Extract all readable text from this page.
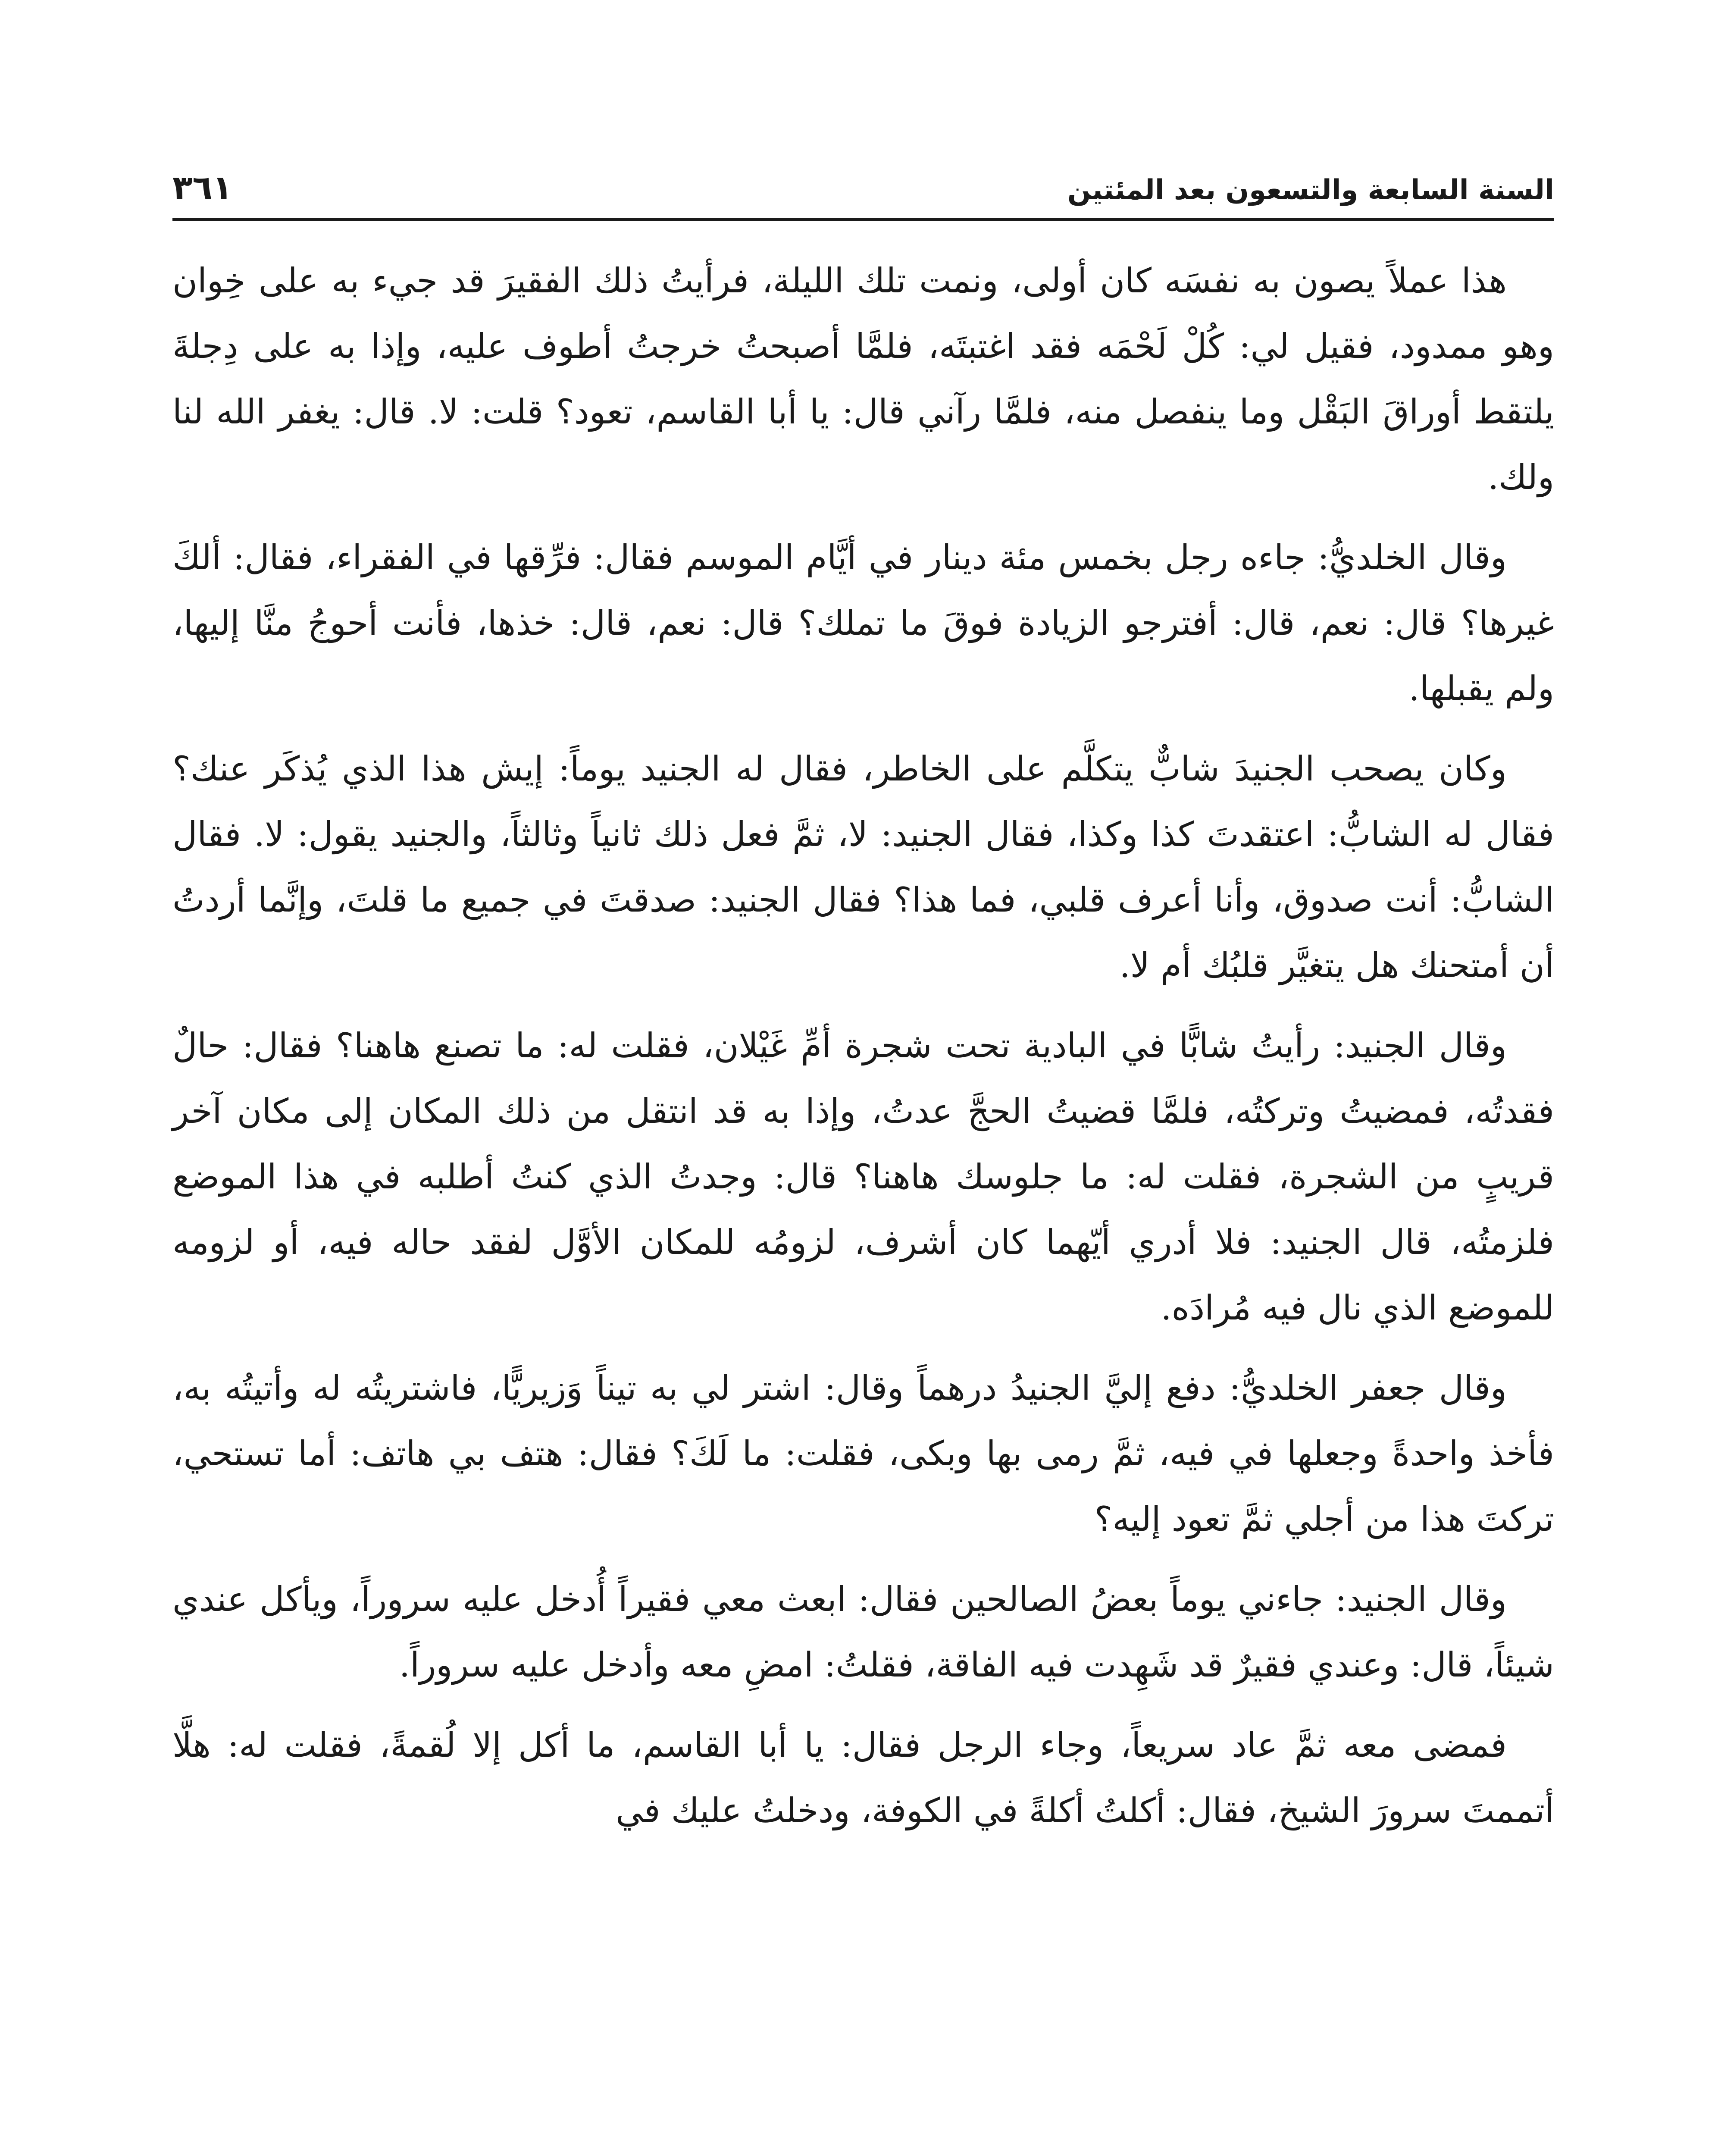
السنة السابعة والتسعون بعد المئتين
٣٦١

هذا عملاً يصون به نفسَه كان أولى، ونمت تلك الليلة، فرأيتُ ذلك الفقيرَ قد جيء به على خِوان وهو ممدود، فقيل لي: كُلْ لَحْمَه فقد اغتبتَه، فلمَّا أصبحتُ خرجتُ أطوف عليه، وإذا به على دِجلةَ يلتقط أوراقَ البَقْل وما ينفصل منه، فلمَّا رآني قال: يا أبا القاسم، تعود؟ قلت: لا. قال: يغفر الله لنا ولك.

وقال الخلديُّ: جاءه رجل بخمس مئة دينار في أيَّام الموسم فقال: فرِّقها في الفقراء، فقال: ألكَ غيرها؟ قال: نعم، قال: أفترجو الزيادة فوقَ ما تملك؟ قال: نعم، قال: خذها، فأنت أحوجُ منَّا إليها، ولم يقبلها.

وكان يصحب الجنيدَ شابٌّ يتكلَّم على الخاطر، فقال له الجنيد يوماً: إيش هذا الذي يُذكَر عنك؟ فقال له الشابُّ: اعتقدتَ كذا وكذا، فقال الجنيد: لا، ثمَّ فعل ذلك ثانياً وثالثاً، والجنيد يقول: لا. فقال الشابُّ: أنت صدوق، وأنا أعرف قلبي، فما هذا؟ فقال الجنيد: صدقتَ في جميع ما قلتَ، وإنَّما أردتُ أن أمتحنك هل يتغيَّر قلبُك أم لا.

وقال الجنيد: رأيتُ شابًّا في البادية تحت شجرة أمِّ غَيْلان، فقلت له: ما تصنع هاهنا؟ فقال: حالٌ فقدتُه، فمضيتُ وتركتُه، فلمَّا قضيتُ الحجَّ عدتُ، وإذا به قد انتقل من ذلك المكان إلى مكان آخر قريبٍ من الشجرة، فقلت له: ما جلوسك هاهنا؟ قال: وجدتُ الذي كنتُ أطلبه في هذا الموضع فلزمتُه، قال الجنيد: فلا أدري أيّهما كان أشرف، لزومُه للمكان الأوَّل لفقد حاله فيه، أو لزومه للموضع الذي نال فيه مُرادَه.

وقال جعفر الخلديُّ: دفع إليَّ الجنيدُ درهماً وقال: اشتر لي به تيناً وَزيريًّا، فاشتريتُه له وأتيتُه به، فأخذ واحدةً وجعلها في فيه، ثمَّ رمى بها وبكى، فقلت: ما لَكَ؟ فقال: هتف بي هاتف: أما تستحي، تركتَ هذا من أجلي ثمَّ تعود إليه؟

وقال الجنيد: جاءني يوماً بعضُ الصالحين فقال: ابعث معي فقيراً أُدخل عليه سروراً، ويأكل عندي شيئاً، قال: وعندي فقيرٌ قد شَهِدت فيه الفاقة، فقلتُ: امضِ معه وأدخل عليه سروراً.

فمضى معه ثمَّ عاد سريعاً، وجاء الرجل فقال: يا أبا القاسم، ما أكل إلا لُقمةً، فقلت له: هلَّا أتممتَ سرورَ الشيخ، فقال: أكلتُ أكلةً في الكوفة، ودخلتُ عليك في
